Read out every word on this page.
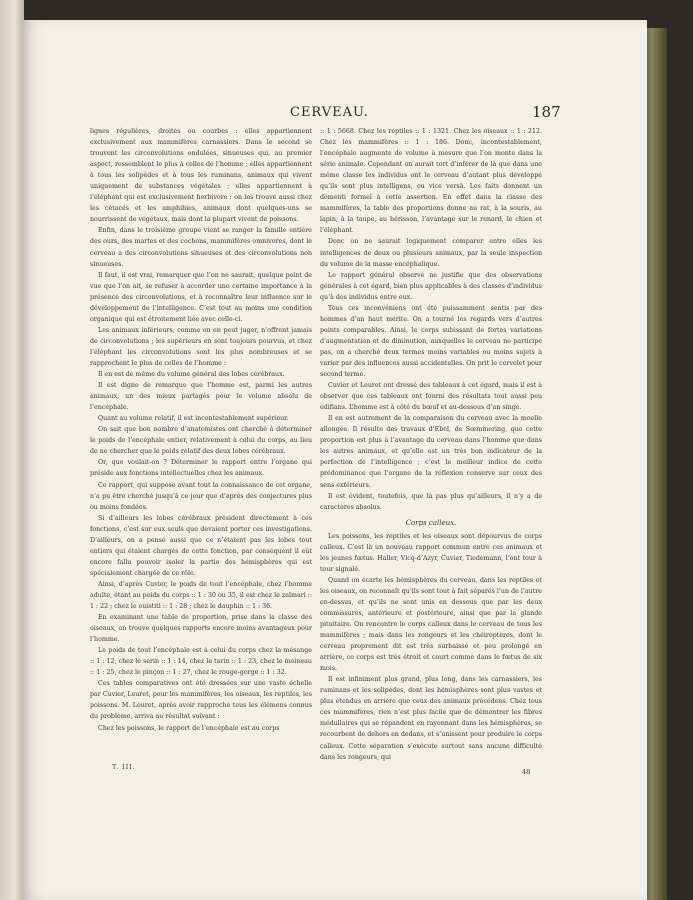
CERVEAU.	187

lignes régulières, droites ou courbes : elles appartiennent exclusivement aux mammifères carnassiers. Dans le second se trouvent les circonvolutions ondulées, sinueuses qui, au premier aspect, ressemblent le plus à celles de l’homme ; elles appartiennent à tous les solipèdes et à tous les ruminans, animaux qui vivent uniquement de substances végétales ; elles appartiennent à l’éléphant qui est exclusivement herbivore : on les trouve aussi chez les cétacés et les amphibies, animaux dont quelques-uns se nourrissent de végétaux, mais dont la plupart vivent de poissons.

Enfin, dans le troisième groupe vient se ranger la famille entière des ours, des martes et des cochons, mammifères omnivores, dont le cerveau a des circonvolutions sinueuses et des circonvolutions non sinueuses.

Il faut, il est vrai, remarquer que l’on ne saurait, quelque point de vue que l’on ait, se refuser à accorder une certaine importance à la présence des circonvolutions, et à reconnaître leur influence sur le développement de l’intelligence. C’est tout au moins une condition organique qui est étroitement liée avec celle-ci.

Les animaux inférieurs, comme on en peut juger, n’offrent jamais de circonvolutions ; les supérieurs en sont toujours pourvus, et chez l’éléphant les circonvolutions sont les plus nombreuses et se rapprochent le plus de celles de l’homme :

Il en est de même du volume général des lobes cérébraux.

Il est digne de remarque que l’homme est, parmi les autres animaux, un des mieux partagés pour le volume absolu de l’encéphale.

Quant au volume relatif, il est incontestablement supérieur.

On sait que bon nombre d’anatomistes ont cherché à déterminer le poids de l’encéphale entier, relativement à celui du corps, au lieu de ne chercher que le poids relatif des deux lobes cérébraux.

Or, que voulait-on ? Déterminer le rapport entre l’organe qui préside aux fonctions intellectuelles chez les animaux.

Ce rapport, qui suppose avant tout la connaissance de cet organe, n’a pu être cherché jusqu’à ce jour que d’après des conjectures plus ou moins fondées.

Si d’ailleurs les lobes cérébraux président directement à ces fonctions, c’est sur eux seuls que devaient porter ces investigations. D’ailleurs, on a pensé aussi que ce n’étaient pas les lobes tout entiers qui étaient chargés de cette fonction, par conséquent il eût encore fallu pouvoir isoler la partie des hémisphères qui est spécialement chargée de ce rôle.

Ainsi, d’après Cuvier, le poids de tout l’encéphale, chez l’homme adulte, étant au poids du corps :: 1 : 30 ou 35, il est chez le zaïmari :: 1 : 22 ; chez le ouistiti :: 1 : 28 ; chez le dauphin :: 1 : 36.

En examinant une table de proportion, prise dans la classe des oiseaux, on trouve quelques rapports encore moins avantageux pour l’homme.

Le poids de tout l’encéphale est à celui du corps chez la mésange :: 1 : 12, chez le serin :: 1 : 14, chez le tarin :: 1 : 23, chez le moineau :: 1 : 25, chez le pinçon :: 1 : 27, chez le rouge-gorge :: 1 : 32.

Ces tables comparatives ont été dressées sur une vaste échelle par Cuvier, Leuret, pour les mammifères, les oiseaux, les reptiles, les poissons. M. Leuret, après avoir rapproché tous les élémens connus du problème, arriva au résultat suivant :

Chez les poissons, le rapport de l’encéphale est au corps

:: 1 : 5668. Chez les reptiles :: 1 : 1321. Chez les oiseaux :: 1 : 212. Chez les mammifères :: 1 : 186. Donc, incontestablement, l’encéphale augmente de volume à mesure que l’on monte dans la série animale. Cependant on aurait tort d’inférer de là que dans une même classe les individus ont le cerveau d’autant plus développé qu’ils sont plus intelligens, ou vice versâ. Les faits donnent un démenti formel à cette assertion. En effet dans la classe des mammifères, la table des proportions donne au rat, à la souris, au lapin, à la taupe, au hérisson, l’avantage sur le renard, le chien et l’éléphant.

Donc on ne saurait logiquement comparer entre elles les intelligences de deux ou plusieurs animaux, par la seule inspection du volume de la masse encéphalique.

Le rapport général observé ne justifie que des observations générales à cet égard, bien plus applicables à des classes d’individus qu’à des individus entre eux.

Tous ces inconvéniens ont été puissamment sentis par des hommes d’un haut mérite. On a tourné les regards vers d’autres points comparables. Ainsi, le corps subissant de fortes variations d’augmentation et de diminution, auxquelles le cerveau ne participe pas, on a cherché deux termes moins variables ou moins sujets à varier par des influences aussi accidentelles. On prit le cervelet pour second terme.

Cuvier et Leuret ont dressé des tableaux à cet égard, mais il est à observer que ces tableaux ont fourni des résultats tout aussi peu édifians. L’homme est à côté du bœuf et au-dessous d’un singe.

Il en est autrement de la comparaison du cerveau avec la moelle allongée. Il résulte des travaux d’Ebel, de Sœmmering, que cette proportion est plus à l’avantage du cerveau dans l’homme que dans les autres animaux, et qu’elle est un très bon indicateur de la perfection de l’intelligence ; c’est le meilleur indice de cette prédominance que l’organe de la réflexion conserve sur ceux des sens extérieurs.

Il est évident, toutefois, que là pas plus qu’ailleurs, il n’y a de caractères absolus.

Corps calleux.

Les poissons, les reptiles et les oiseaux sont dépourvus de corps calleux. C’est là un nouveau rapport commun entre ces animaux et les jeunes fœtus. Haller, Vicq-d’Azyr, Cuvier, Tiedemann, l’ont tour à tour signalé.

Quand on écarte les hémisphères du cerveau, dans les reptiles et les oiseaux, on reconnaît qu’ils sont tout à fait séparés l’un de l’autre en-dessus, et qu’ils ne sont unis en dessous que par les deux commissures, antérieure et postérieure, ainsi que par la glande pituitaire. On rencontre le corps calleux dans le cerveau de tous les mammifères ; mais dans les rongeurs et les chéiroptères, dont le cerveau proprement dit est très surbaissé et peu prolongé en arrière, ce corps est très étroit et court comme dans le fœtus de six mois.

Il est infiniment plus grand, plus long, dans les carnassiers, les ruminans et les solipèdes, dont les hémisphères sont plus vastes et plus étendus en arrière que ceux des animaux précédens. Chez tous ces mammifères, rien n’est plus facile que de démontrer les fibres médullaires qui se répandent en rayonnant dans les hémisphères, se recourbent de dehors en dedans, et s’unissent pour produire le corps calleux. Cette séparation s’exécute surtout sans aucune difficulté dans les rongeurs, qui

T. III.
48
